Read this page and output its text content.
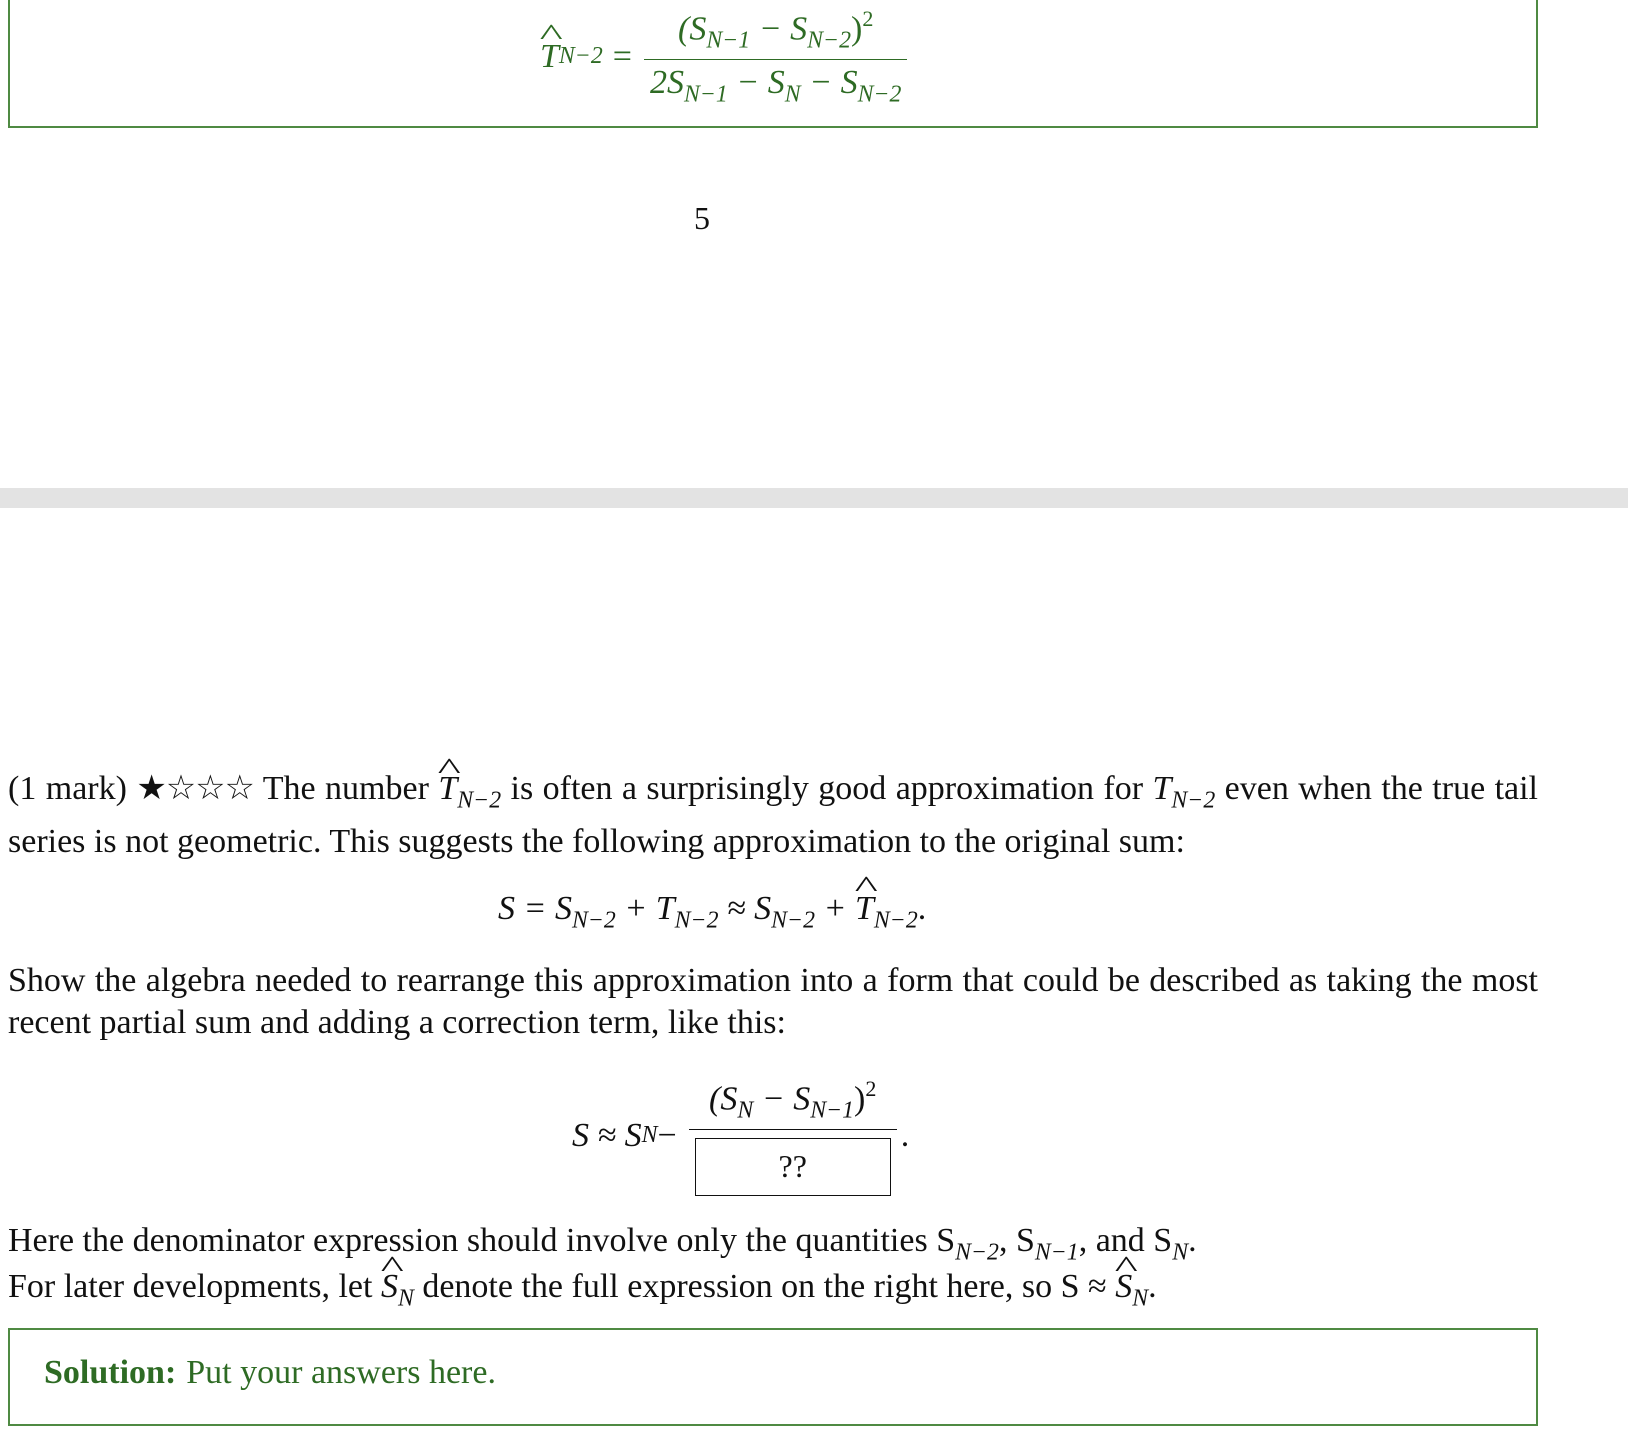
^ T $N-2 = \frac{(S_{N-1} - S_{N-2})^2}{2S_{N-1} - S_N - S_{N-2}}$
5
(1 mark) ★☆☆☆ The number ^ $T_{N-2}$ is often a surprisingly good approximation for $T_{N-2}$ even when the true tail series is not geometric. This suggests the following approximation to the original sum:
$S = S_{N-2} + T_{N-2} \approx S_{N-2}$ + ^ $T_{N-2}$.
Show the algebra needed to rearrange this approximation into a form that could be described as taking the most recent partial sum and adding a correction term, like this:
S ≈ S $N - \frac{(S_N - S_{N-1})^2}{??}$ .
Here the denominator expression should involve only the quantities $S_{N-2}$, $S_{N-1}$, and $S_N$.
For later developments, let ^ $S_N$ denote the full expression on the right here, so S ≈ ^ $S_N$.
Solution: Put your answers here.
